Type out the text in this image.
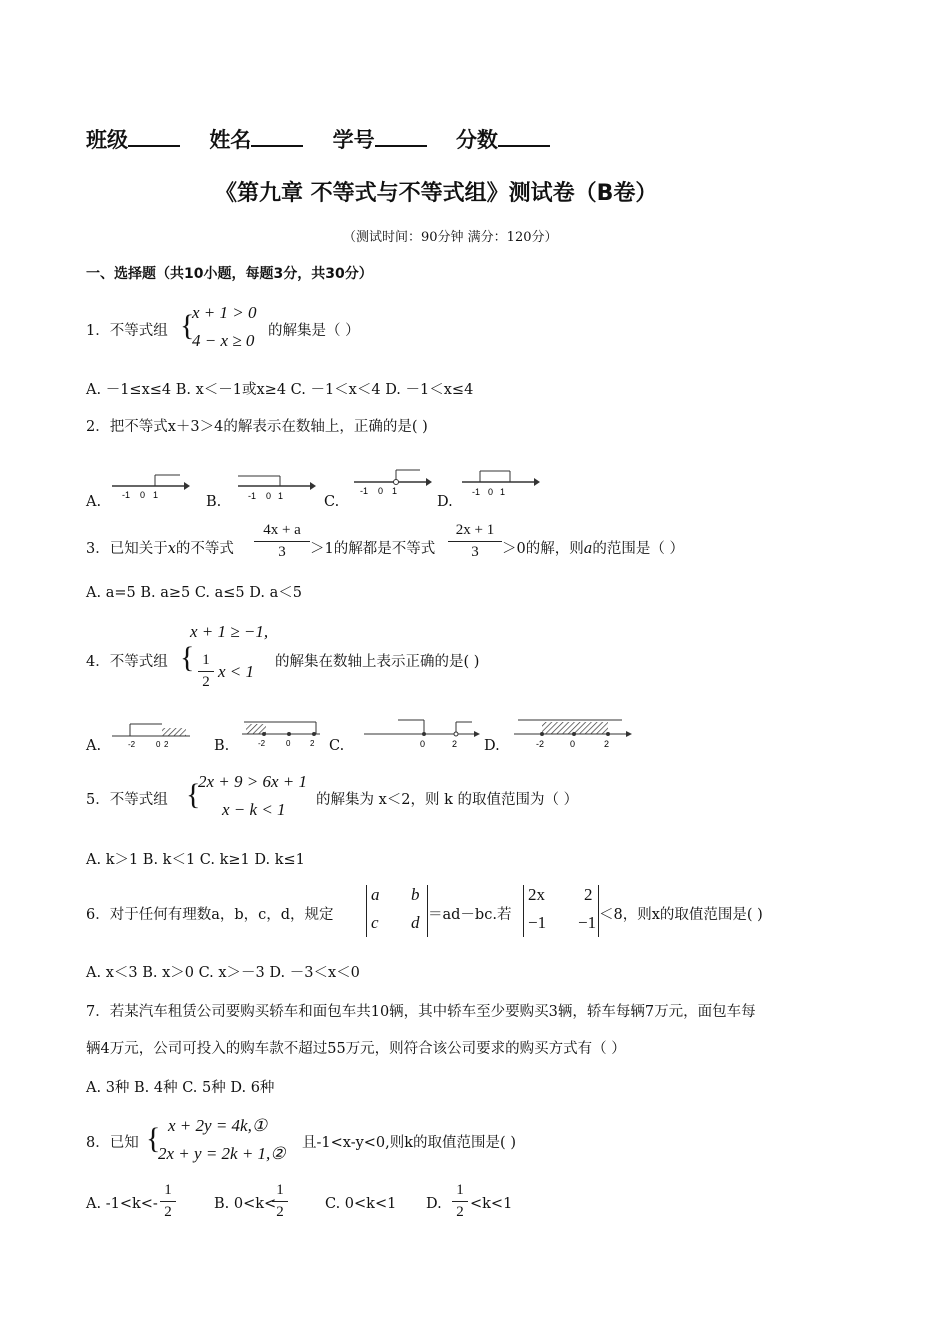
班级	姓名	学号	分数
《第九章 不等式与不等式组》测试卷（B卷）
（测试时间：90分钟 满分：120分）
一、选择题（共10小题，每题3分，共30分）
1．不等式组 {
x + 1 > 0
4 − x ≥ 0 的解集是（ ）
A. －1≤x≤4 B. x＜－1或x≥4 C. －1＜x＜4 D. －1＜x≤4
2．把不等式x＋3＞4的解表示在数轴上，正确的是( )
A.	B.	C.	D.
-1 0 1	-1 0 1	-1 0 1	-1 0 1
3．已知关于x的不等式
4x + a
3	＞1的解都是不等式
2x + 1
3	＞0的解，则a的范围是（ ）
A. a=5 B. a≥5 C. a≤5 D. a＜5
4．不等式组 {
x + 1 ≥ −1,
1
2
x < 1 的解集在数轴上表示正确的是( )
A.	B.	C.	D.
-2	0 2	-2	0 2	0	2	-2	0	2
5．不等式组 {
2x + 9 > 6x + 1
x − k < 1 的解集为 x＜2，则 k 的取值范围为（ ）
A. k＞1 B. k＜1 C. k≥1 D. k≤1
6．对于任何有理数a，b，c，d，规定
a b
c d ＝ad－bc.若
2x 2
−1 −1 ＜8，则x的取值范围是( )
A. x＜3 B. x＞0 C. x＞－3 D. －3＜x＜0
7．若某汽车租赁公司要购买轿车和面包车共10辆，其中轿车至少要购买3辆，轿车每辆7万元，面包车每
辆4万元，公司可投入的购车款不超过55万元，则符合该公司要求的购买方式有（ ）
A. 3种 B. 4种 C. 5种 D. 6种
8．已知 { x + 2y = 4k,①
2x + y = 2k + 1,②
且-1<x-y<0,则k的取值范围是( )
A. -1<k<-
1
2	B. 0<k<
1
2	C. 0<k<1 D.
1
2 <k<1
